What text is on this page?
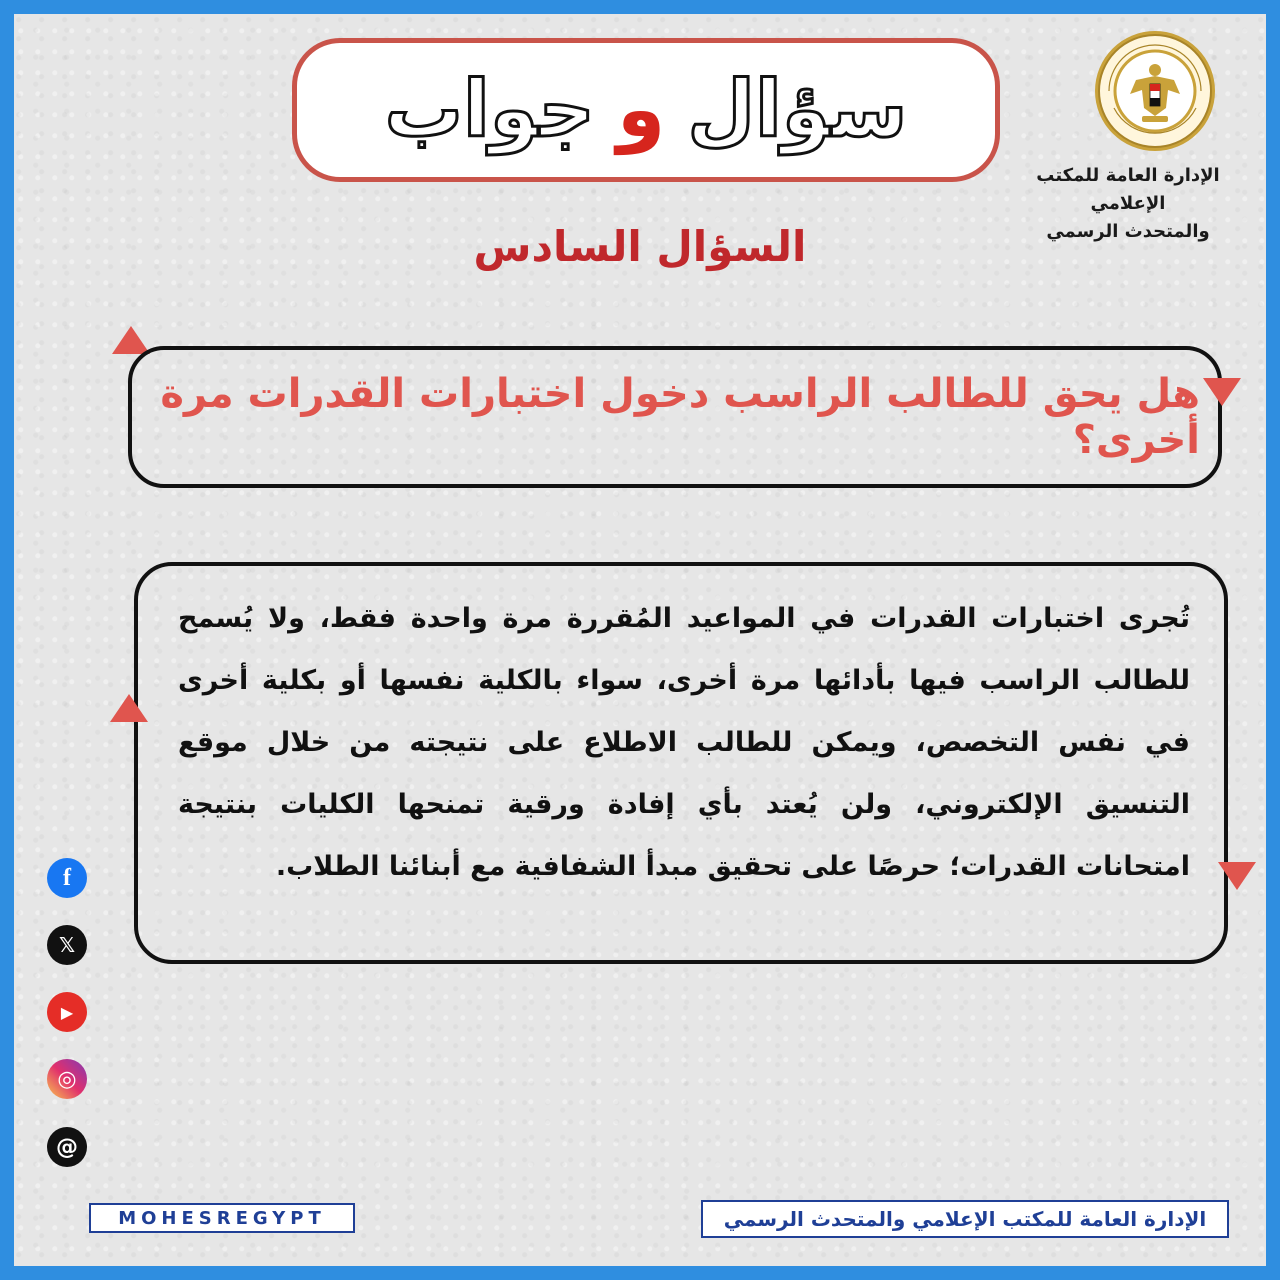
سؤال
و
جواب
الإدارة العامة للمكتب الإعلامي
والمتحدث الرسمي
السؤال السادس
هل يحق للطالب الراسب دخول اختبارات القدرات مرة أخرى؟

تُجرى اختبارات القدرات في المواعيد المُقررة مرة واحدة فقط، ولا يُسمح للطالب الراسب فيها بأدائها مرة أخرى، سواء بالكلية نفسها أو بكلية أخرى في نفس التخصص، ويمكن للطالب الاطلاع على نتيجته من خلال موقع التنسيق الإلكتروني، ولن يُعتد بأي إفادة ورقية تمنحها الكليات بنتيجة امتحانات القدرات؛ حرصًا على تحقيق مبدأ الشفافية مع أبنائنا الطلاب.

f
𝕏
▶
◎
@
MOHESREGYPT	الإدارة العامة للمكتب الإعلامي والمتحدث الرسمي
